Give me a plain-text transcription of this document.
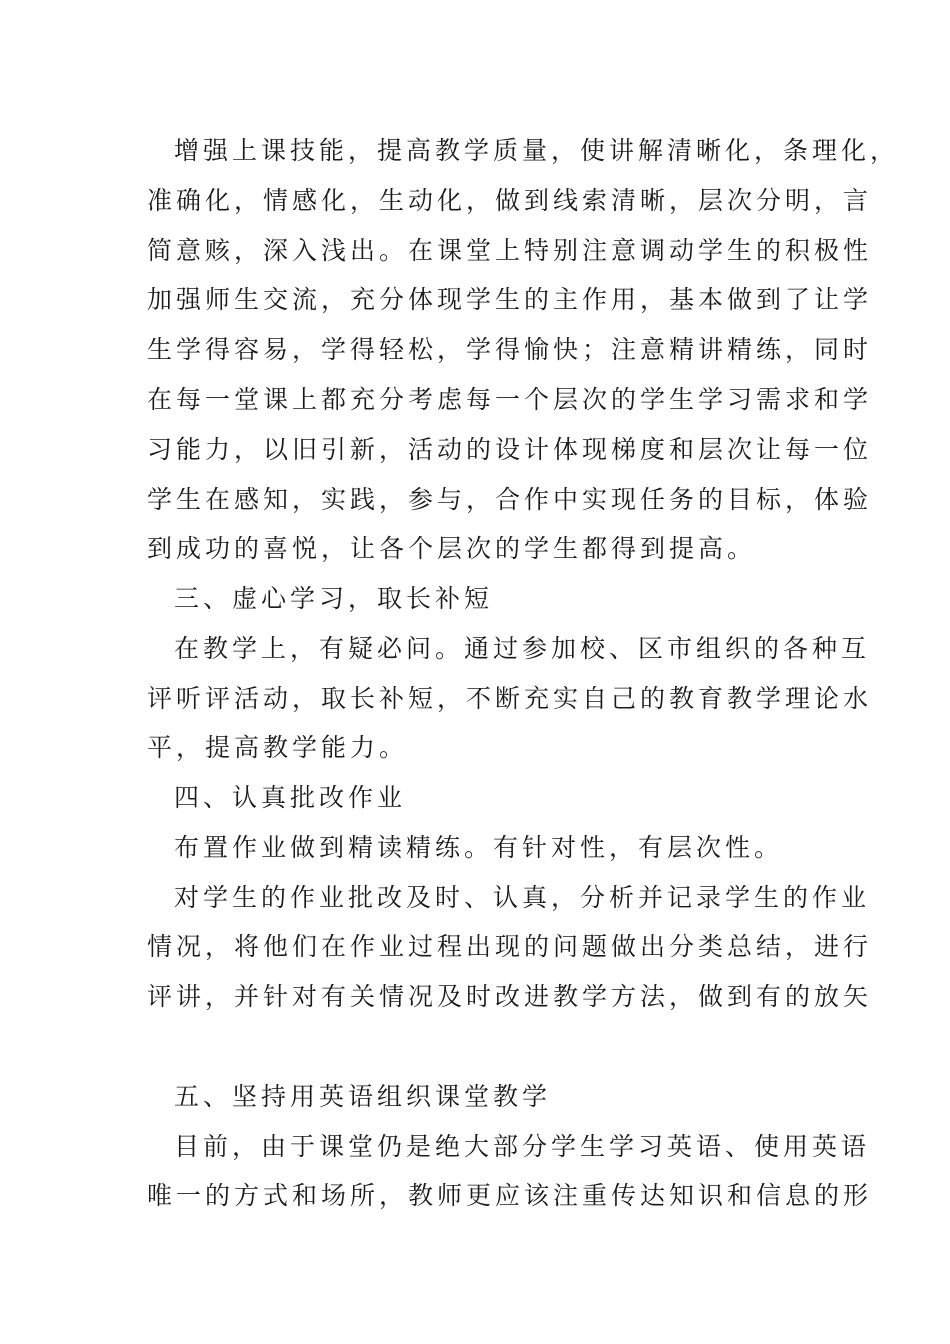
增强上课技能，提高教学质量，使讲解清晰化，条理化，
准确化，情感化，生动化，做到线索清晰，层次分明，言
简意赅，深入浅出。在课堂上特别注意调动学生的积极性
加强师生交流，充分体现学生的主作用，基本做到了让学
生学得容易，学得轻松，学得愉快；注意精讲精练，同时
在每一堂课上都充分考虑每一个层次的学生学习需求和学
习能力，以旧引新，活动的设计体现梯度和层次让每一位
学生在感知，实践，参与，合作中实现任务的目标，体验
到成功的喜悦，让各个层次的学生都得到提高。
三、虚心学习，取长补短
在教学上，有疑必问。通过参加校、区市组织的各种互
评听评活动，取长补短，不断充实自己的教育教学理论水
平，提高教学能力。
四、认真批改作业
布置作业做到精读精练。有针对性，有层次性。
对学生的作业批改及时、认真，分析并记录学生的作业
情况，将他们在作业过程出现的问题做出分类总结，进行
评讲，并针对有关情况及时改进教学方法，做到有的放矢
五、坚持用英语组织课堂教学
目前，由于课堂仍是绝大部分学生学习英语、使用英语
唯一的方式和场所，教师更应该注重传达知识和信息的形
